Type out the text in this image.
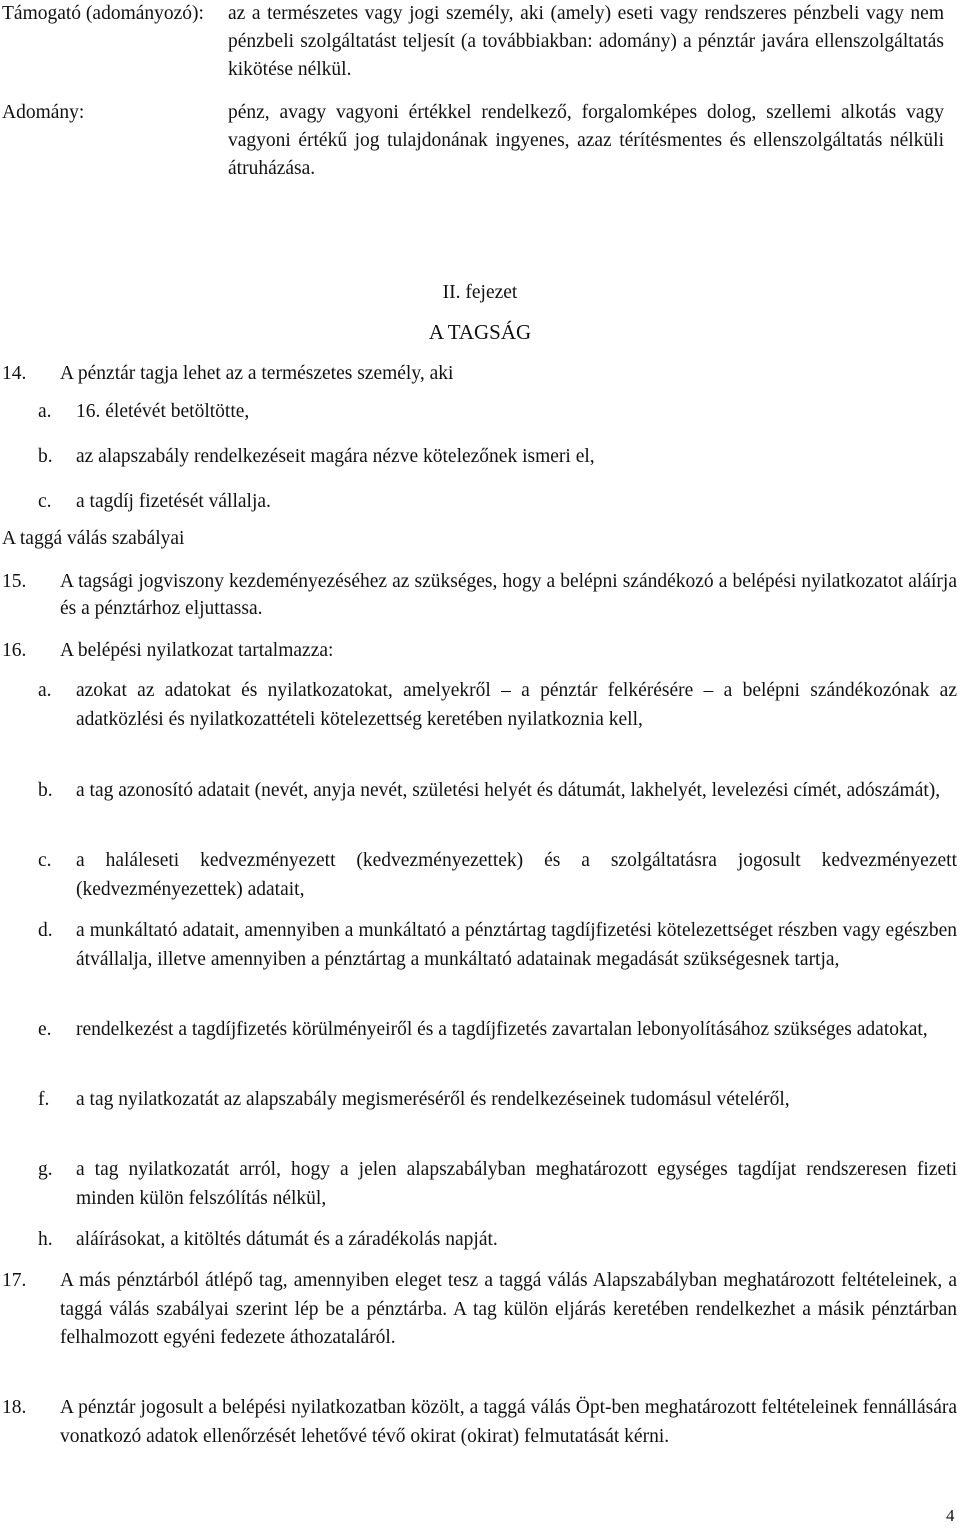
Támogató (adományozó):	az a természetes vagy jogi személy, aki (amely) eseti vagy rendszeres pénzbeli vagy nem pénzbeli szolgáltatást teljesít (a továbbiakban: adomány) a pénztár javára ellenszolgáltatás kikötése nélkül.
Adomány:	pénz, avagy vagyoni értékkel rendelkező, forgalomképes dolog, szellemi alkotás vagy vagyoni értékű jog tulajdonának ingyenes, azaz térítésmentes és ellenszolgáltatás nélküli átruházása.
II. fejezet
A TAGSÁG
14. A pénztár tagja lehet az a természetes személy, aki
a. 16. életévét betöltötte,
b. az alapszabály rendelkezéseit magára nézve kötelezőnek ismeri el,
c. a tagdíj fizetését vállalja.
A taggá válás szabályai
15. A tagsági jogviszony kezdeményezéséhez az szükséges, hogy a belépni szándékozó a belépési nyilatkozatot aláírja és a pénztárhoz eljuttassa.
16. A belépési nyilatkozat tartalmazza:
a. azokat az adatokat és nyilatkozatokat, amelyekről – a pénztár felkérésére – a belépni szándékozónak az adatközlési és nyilatkozattételi kötelezettség keretében nyilatkoznia kell,
b. a tag azonosító adatait (nevét, anyja nevét, születési helyét és dátumát, lakhelyét, levelezési címét, adószámát),
c. a haláleseti kedvezményezett (kedvezményezettek) és a szolgáltatásra jogosult kedvezményezett (kedvezményezettek) adatait,
d. a munkáltató adatait, amennyiben a munkáltató a pénztártag tagdíjfizetési kötelezettséget részben vagy egészben átvállalja, illetve amennyiben a pénztártag a munkáltató adatainak megadását szükségesnek tartja,
e. rendelkezést a tagdíjfizetés körülményeiről és a tagdíjfizetés zavartalan lebonyolításához szükséges adatokat,
f. a tag nyilatkozatát az alapszabály megismeréséről és rendelkezéseinek tudomásul vételéről,
g. a tag nyilatkozatát arról, hogy a jelen alapszabályban meghatározott egységes tagdíjat rendszeresen fizeti minden külön felszólítás nélkül,
h. aláírásokat, a kitöltés dátumát és a záradékolás napját.
17. A más pénztárból átlépő tag, amennyiben eleget tesz a taggá válás Alapszabályban meghatározott feltételeinek, a taggá válás szabályai szerint lép be a pénztárba. A tag külön eljárás keretében rendelkezhet a másik pénztárban felhalmozott egyéni fedezete áthozataláról.
18. A pénztár jogosult a belépési nyilatkozatban közölt, a taggá válás Öpt-ben meghatározott feltételeinek fennállására vonatkozó adatok ellenőrzését lehetővé tévő okirat (okirat) felmutatását kérni.
4
